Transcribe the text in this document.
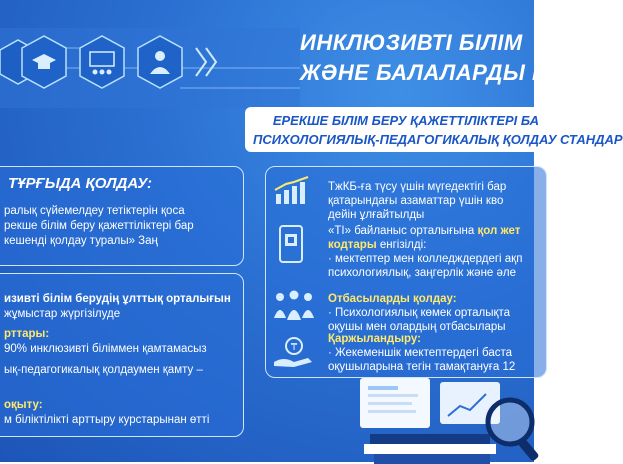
ИНКЛЮЗИВТІ БІЛІМ
ЖӘНЕ БАЛАЛАРДЫ ҚО
ЕРЕКШЕ БІЛІМ БЕРУ ҚАЖЕТТІЛІКТЕРІ БА
ПСИХОЛОГИЯЛЫҚ-ПЕДАГОГИКАЛЫҚ ҚОЛДАУ СТАНДАР
ТҰРҒЫДА ҚОЛДАУ:
ралық сүйемелдеу тетіктерін қоса
рекше білім беру қажеттіліктері бар
кешенді қолдау туралы» Заң
изивті білім берудің ұлттық орталығын
жұмыстар жүргізілуде
рттары:
90% инклюзивті біліммен қамтамасыз
ық-педагогикалық қолдаумен қамту –
оқыту:
м біліктілікті арттыру курстарынан өтті
ТжКБ-ға түсу үшін мүгедектігі бар
қатарындағы азаматтар үшін кво
дейін ұлғайтылды
«ТІ» байланыс орталығына қол жет
кодтары енгізілді:
· мектептер мен колледждердегі ақп
психологиялық, заңгерлік және әле
Отбасыларды қолдау:
· Психологиялық көмек орталықта
оқушы мен олардың отбасылары
₸
Қаржыландыру:
· Жекеменшік мектептердегі баста
оқушыларына тегін тамақтануға 12
